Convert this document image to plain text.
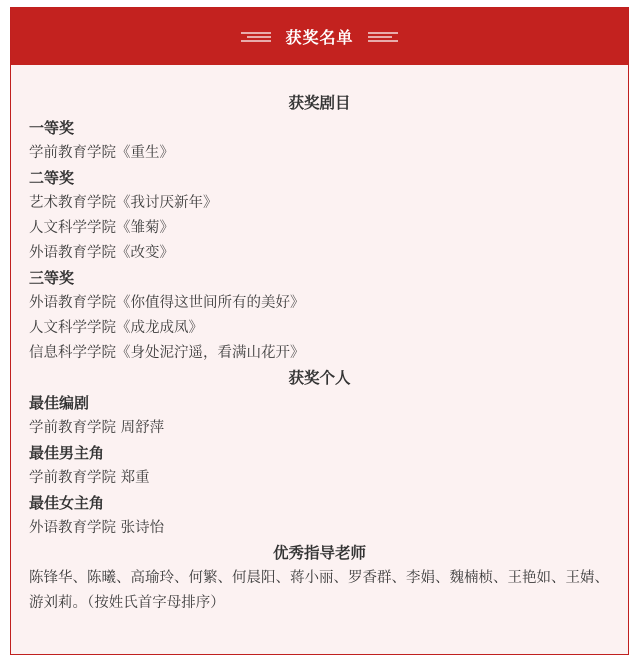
获奖名单
获奖剧目
一等奖
学前教育学院《重生》
二等奖
艺术教育学院《我讨厌新年》
人文科学学院《雏菊》
外语教育学院《改变》
三等奖
外语教育学院《你值得这世间所有的美好》
人文科学学院《成龙成凤》
信息科学学院《身处泥泞遥，看满山花开》
获奖个人
最佳编剧
学前教育学院 周舒萍
最佳男主角
学前教育学院 郑重
最佳女主角
外语教育学院 张诗怡
优秀指导老师
陈锋华、陈曦、高瑜玲、何繁、何晨阳、蒋小丽、罗香群、李娟、魏楠桢、王艳如、王婧、游刘莉。（按姓氏首字母排序）
